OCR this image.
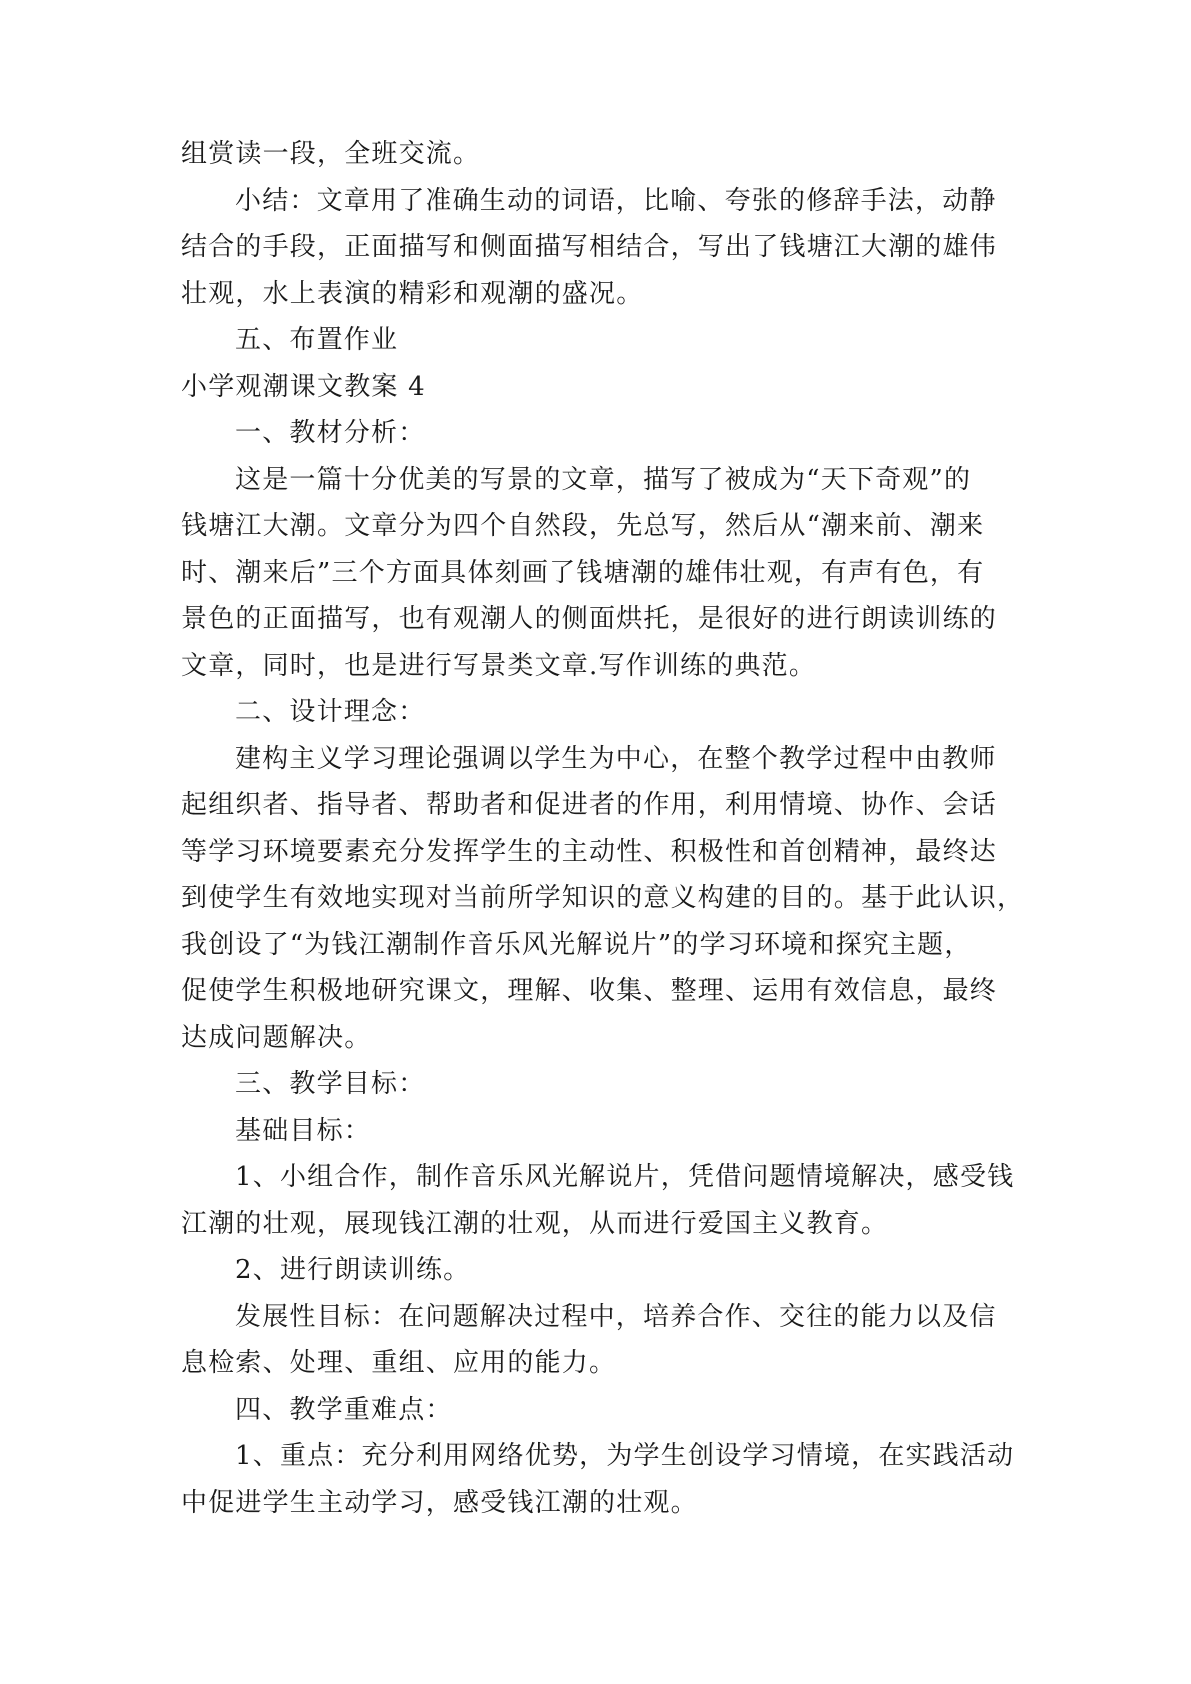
组赏读一段，全班交流。
小结：文章用了准确生动的词语，比喻、夸张的修辞手法，动静
结合的手段，正面描写和侧面描写相结合，写出了钱塘江大潮的雄伟
壮观，水上表演的精彩和观潮的盛况。
五、布置作业
小学观潮课文教案 4
一、教材分析：
这是一篇十分优美的写景的文章，描写了被成为“天下奇观”的
钱塘江大潮。文章分为四个自然段，先总写，然后从“潮来前、潮来
时、潮来后”三个方面具体刻画了钱塘潮的雄伟壮观，有声有色，有
景色的正面描写，也有观潮人的侧面烘托，是很好的进行朗读训练的
文章，同时，也是进行写景类文章.写作训练的典范。
二、设计理念：
建构主义学习理论强调以学生为中心，在整个教学过程中由教师
起组织者、指导者、帮助者和促进者的作用，利用情境、协作、会话
等学习环境要素充分发挥学生的主动性、积极性和首创精神，最终达
到使学生有效地实现对当前所学知识的意义构建的目的。基于此认识，
我创设了“为钱江潮制作音乐风光解说片”的学习环境和探究主题，
促使学生积极地研究课文，理解、收集、整理、运用有效信息，最终
达成问题解决。
三、教学目标：
基础目标：
1、小组合作，制作音乐风光解说片，凭借问题情境解决，感受钱
江潮的壮观，展现钱江潮的壮观，从而进行爱国主义教育。
2、进行朗读训练。
发展性目标：在问题解决过程中，培养合作、交往的能力以及信
息检索、处理、重组、应用的能力。
四、教学重难点：
1、重点：充分利用网络优势，为学生创设学习情境，在实践活动
中促进学生主动学习，感受钱江潮的壮观。
